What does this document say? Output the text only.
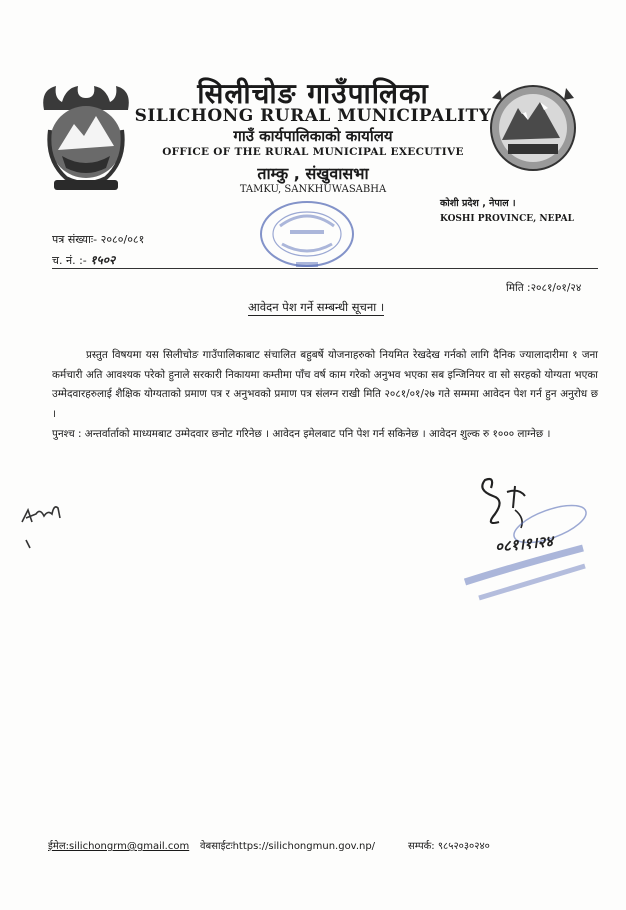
सिलीचोङ गाउँपालिका
SILICHONG RURAL MUNICIPALITY
गाउँ कार्यपालिकाको कार्यालय
OFFICE OF THE RURAL MUNICIPAL EXECUTIVE
ताम्कु , संखुवासभा
TAMKU, SANKHUWASABHA
कोशी प्रदेश , नेपाल ।
KOSHI PROVINCE, NEPAL
पत्र संख्याः- २०८०/०८१
च. नं. :- १५०२
मिति :२०८१/०१/२४
आवेदन पेश गर्ने सम्बन्धी सूचना ।
प्रस्तुत विषयमा यस सिलीचोङ गाउँपालिकाबाट संचालित बहुबर्षे योजनाहरुको नियमित रेखदेख गर्नको लागि दैनिक ज्यालादारीमा १ जना कर्मचारी अति आवश्यक परेको हुनाले सरकारी निकायमा कम्तीमा पाँच वर्ष काम गरेको अनुभव भएका सब इन्जिनियर वा सो सरहको योग्यता भएका उम्मेदवारहरुलाई शैक्षिक योग्यताको प्रमाण पत्र र अनुभवको प्रमाण पत्र संलग्न राखी मिति २०८१/०१/२७ गते सम्ममा आवेदन पेश गर्न हुन अनुरोध छ ।
पुनश्च : अन्तर्वार्ताको माध्यमबाट उम्मेदवार छनोट गरिनेछ । आवेदन इमेलबाट पनि पेश गर्न सकिनेछ । आवेदन शुल्क रु १००० लाग्नेछ ।
०८१।१।२४
ईमेल:silichongrm@gmail.com वेबसाईटःhttps://silichongmun.gov.np/	सम्पर्क: ९८५२०३०२४०
